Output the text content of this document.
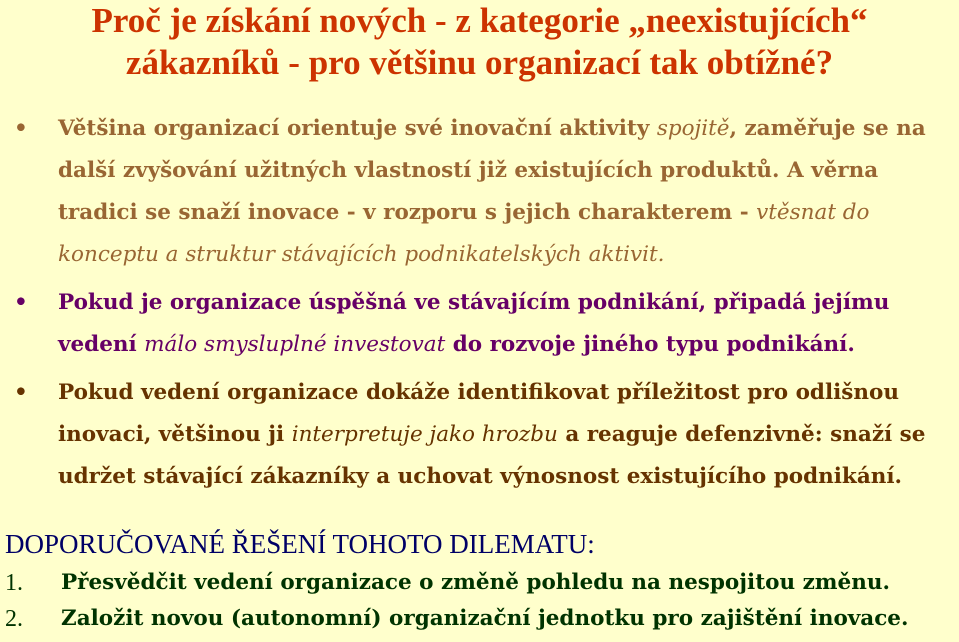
Proč je získání nových - z kategorie „neexistujících“
zákazníků - pro většinu organizací tak obtížné?
• Většina organizací orientuje své inovační aktivity spojitě, zaměřuje se na další zvyšování užitných vlastností již existujících produktů. A věrna tradici se snaží inovace - v rozporu s jejich charakterem - vtěsnat do konceptu a struktur stávajících podnikatelských aktivit.
• Pokud je organizace úspěšná ve stávajícím podnikání, připadá jejímu vedení málo smysluplné investovat do rozvoje jiného typu podnikání.
• Pokud vedení organizace dokáže identifikovat příležitost pro odlišnou inovaci, většinou ji interpretuje jako hrozbu a reaguje defenzivně: snaží se udržet stávající zákazníky a uchovat výnosnost existujícího podnikání.
DOPORUČOVANÉ ŘEŠENÍ TOHOTO DILEMATU:
1. Přesvědčit vedení organizace o změně pohledu na nespojitou změnu.
2. Založit novou (autonomní) organizační jednotku pro zajištění inovace.
